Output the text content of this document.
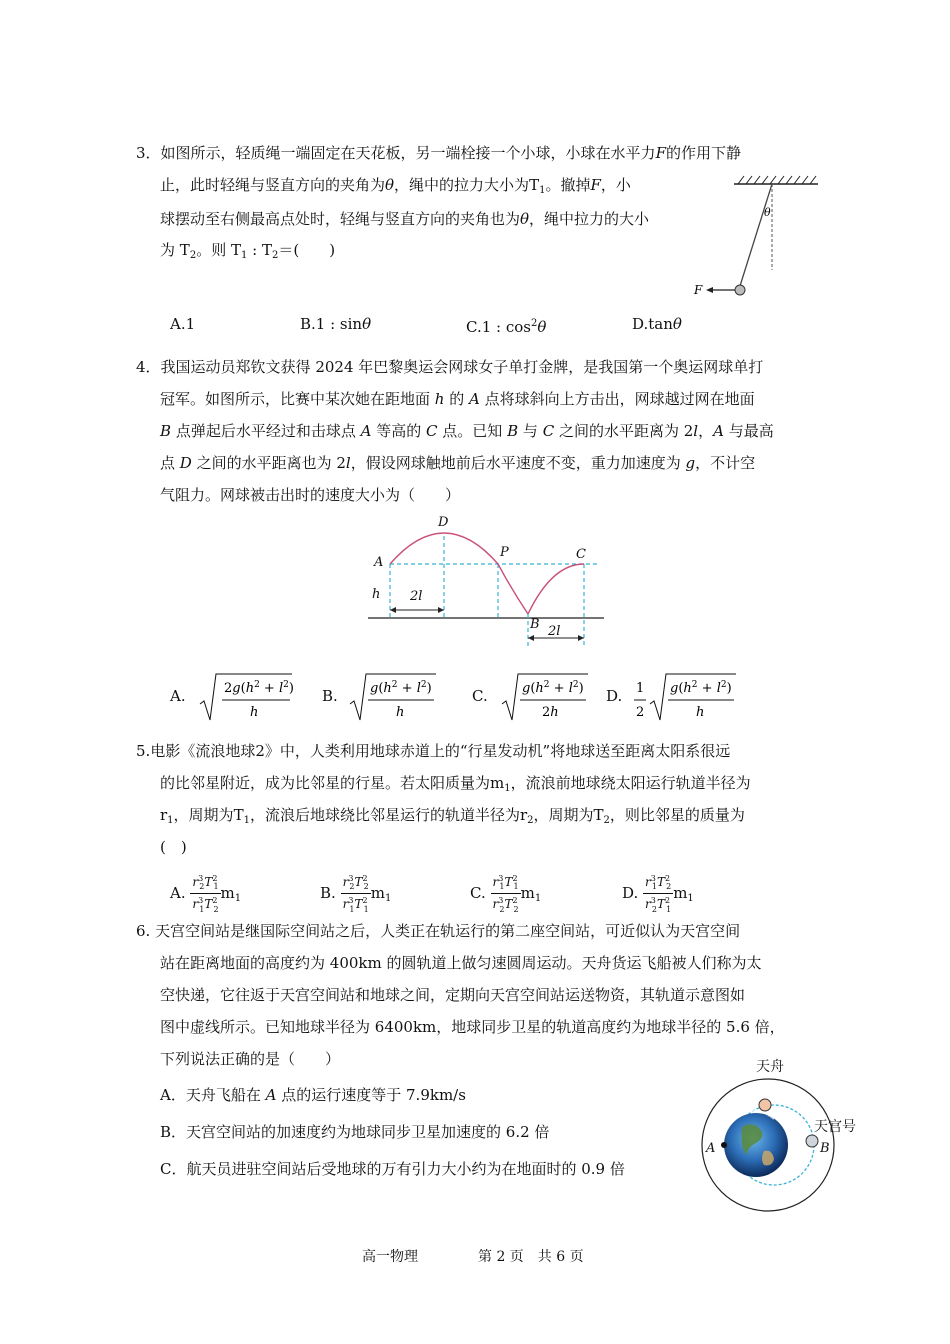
3．如图所示，轻质绳一端固定在天花板，另一端栓接一个小球，小球在水平力F的作用下静
止，此时轻绳与竖直方向的夹角为θ，绳中的拉力大小为$T_1$。撤掉F，小
球摆动至右侧最高点处时，轻绳与竖直方向的夹角也为θ，绳中拉力的大小
为 $T_2$。则 $T_1$ : $T_2=$(　　)
θ
F
A.1	B.1 : sinθ	C.1 : $\cos^2\theta$	D.tanθ
4．我国运动员郑钦文获得 2024 年巴黎奥运会网球女子单打金牌，是我国第一个奥运网球单打
冠军。如图所示，比赛中某次她在距地面 h 的 A 点将球斜向上方击出，网球越过网在地面
B 点弹起后水平经过和击球点 A 等高的 C 点。已知 B 与 C 之间的水平距离为 2l，A 与最高
点 D 之间的水平距离也为 2l，假设网球触地前后水平速度不变，重力加速度为 g，不计空
气阻力。网球被击出时的速度大小为（　　）
A
D
P	C
B
h 2l
2l
A.	$2g(h^2 + l^2)$
h
B. $g(h^2 + l^2)$
h
C.	$g(h^2 + l^2)$
2h
D. 1
2
$g(h^2 + l^2)$
h
5.电影《流浪地球2》中，人类利用地球赤道上的“行星发动机”将地球送至距离太阳系很远
的比邻星附近，成为比邻星的行星。若太阳质量为$m_1$，流浪前地球绕太阳运行轨道半径为
$r_1$，周期为$T_1$，流浪后地球绕比邻星运行的轨道半径为$r_2$，周期为$T_2$，则比邻星的质量为
(　)
A. $\frac{r^3_2T^2_1}{r^3_1T^2_2} m_1$	B. $\frac{r^3_2T^2_2}{r^3_1T^2_1} m_1$	C. $\frac{r^3_1T^2_1}{r^3_2T^2_2} m_1$	D. $\frac{r^3_1T^2_2}{r^3_2T^2_1} m_1$
6. 天宫空间站是继国际空间站之后，人类正在轨运行的第二座空间站，可近似认为天宫空间
站在距离地面的高度约为 400km 的圆轨道上做匀速圆周运动。天舟货运飞船被人们称为太
空快递，它往返于天宫空间站和地球之间，定期向天宫空间站运送物资，其轨道示意图如
图中虚线所示。已知地球半径为 6400km，地球同步卫星的轨道高度约为地球半径的 5.6 倍，
下列说法正确的是（　　）
A．天舟飞船在 A 点的运行速度等于 7.9km/s
B．天宫空间站的加速度约为地球同步卫星加速度的 6.2 倍
C．航天员进驻空间站后受地球的万有引力大小约为在地面时的 0.9 倍
天舟
天宫号
A	B
高一物理	第 2 页　共 6 页
